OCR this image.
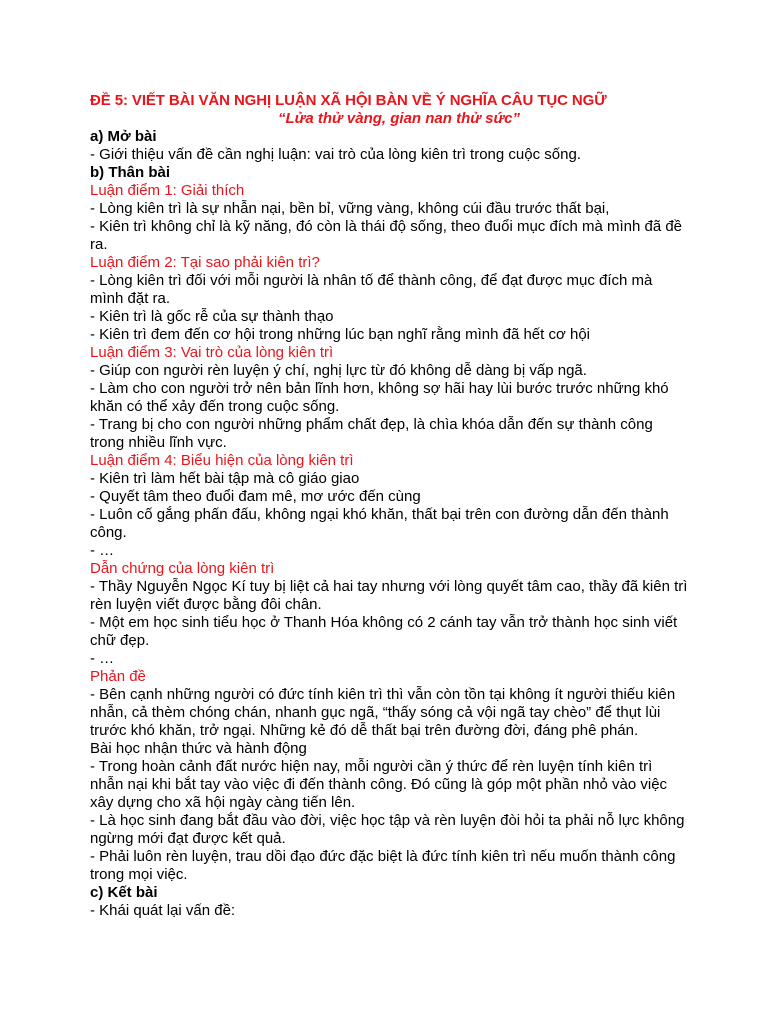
ĐỀ 5: VIẾT BÀI VĂN NGHỊ LUẬN XÃ HỘI BÀN VỀ Ý NGHĨA CÂU TỤC NGỮ
“Lửa thử vàng, gian nan thử sức”
a) Mở bài
- Giới thiệu vấn đề cần nghị luận: vai trò của lòng kiên trì trong cuộc sống.
b) Thân bài
Luận điểm 1: Giải thích
- Lòng kiên trì là sự nhẫn nại, bền bỉ, vững vàng, không cúi đầu trước thất bại,
- Kiên trì không chỉ là kỹ năng, đó còn là thái độ sống, theo đuổi mục đích mà mình đã đề ra.
Luận điểm 2: Tại sao phải kiên trì?
- Lòng kiên trì đối với mỗi người là nhân tố để thành công, để đạt được mục đích mà mình đặt ra.
- Kiên trì là gốc rễ của sự thành thạo
- Kiên trì đem đến cơ hội trong những lúc bạn nghĩ rằng mình đã hết cơ hội
Luận điểm 3: Vai trò của lòng kiên trì
- Giúp con người rèn luyện ý chí, nghị lực từ đó không dễ dàng bị vấp ngã.
- Làm cho con người trở nên bản lĩnh hơn, không sợ hãi hay lùi bước trước những khó khăn có thể xảy đến trong cuộc sống.
- Trang bị cho con người những phẩm chất đẹp, là chìa khóa dẫn đến sự thành công trong nhiều lĩnh vực.
Luận điểm 4: Biểu hiện của lòng kiên trì
- Kiên trì làm hết bài tập mà cô giáo giao
- Quyết tâm theo đuổi đam mê, mơ ước đến cùng
- Luôn cố gắng phấn đấu, không ngại khó khăn, thất bại trên con đường dẫn đến thành công.
- …
Dẫn chứng của lòng kiên trì
- Thầy Nguyễn Ngọc Kí tuy bị liệt cả hai tay nhưng với lòng quyết tâm cao, thầy đã kiên trì rèn luyện viết được bằng đôi chân.
- Một em học sinh tiểu học ở Thanh Hóa không có 2 cánh tay vẫn trở thành học sinh viết chữ đẹp.
- …
Phản đề
- Bên cạnh những người có đức tính kiên trì thì vẫn còn tồn tại không ít người thiếu kiên nhẫn, cả thèm chóng chán, nhanh gục ngã, “thấy sóng cả vội ngã tay chèo” để thụt lùi trước khó khăn, trở ngại. Những kẻ đó dễ thất bại trên đường đời, đáng phê phán.
Bài học nhận thức và hành động
- Trong hoàn cảnh đất nước hiện nay, mỗi người cần ý thức để rèn luyện tính kiên trì nhẫn nại khi bắt tay vào việc đi đến thành công. Đó cũng là góp một phần nhỏ vào việc xây dựng cho xã hội ngày càng tiến lên.
- Là học sinh đang bắt đầu vào đời, việc học tập và rèn luyện đòi hỏi ta phải nỗ lực không ngừng mới đạt được kết quả.
- Phải luôn rèn luyện, trau dồi đạo đức đặc biệt là đức tính kiên trì nếu muốn thành công trong mọi việc.
c) Kết bài
- Khái quát lại vấn đề:
